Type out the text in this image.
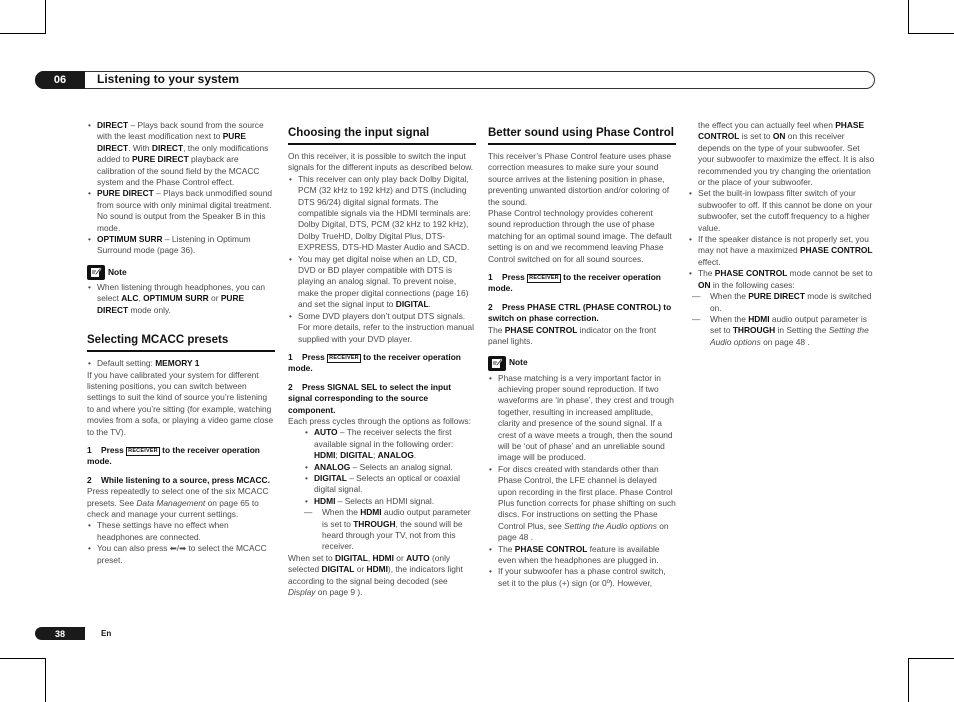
06	Listening to your system
• DIRECT – Plays back sound from the source with the least modification next to PURE DIRECT. With DIRECT, the only modifications added to PURE DIRECT playback are calibration of the sound field by the MCACC system and the Phase Control effect.
• PURE DIRECT – Plays back unmodified sound from source with only minimal digital treatment. No sound is output from the Speaker B in this mode.
• OPTIMUM SURR – Listening in Optimum Surround mode (page 36).
Note
• When listening through headphones, you can select ALC, OPTIMUM SURR or PURE DIRECT mode only.
Selecting MCACC presets
• Default setting: MEMORY 1

If you have calibrated your system for different listening positions, you can switch between settings to suit the kind of source you’re listening to and where you’re sitting (for example, watching movies from a sofa, or playing a video game close to the TV).

1 Press RECEIVER to the receiver operation mode.

2 While listening to a source, press MCACC.

Press repeatedly to select one of the six MCACC presets. See Data Management on page 65 to check and manage your current settings.

• These settings have no effect when headphones are connected.
• You can also press ⬅/➡ to select the MCACC preset.
Choosing the input signal

On this receiver, it is possible to switch the input signals for the different inputs as described below.

• This receiver can only play back Dolby Digital, PCM (32 kHz to 192 kHz) and DTS (including DTS 96/24) digital signal formats. The compatible signals via the HDMI terminals are: Dolby Digital, DTS, PCM (32 kHz to 192 kHz), Dolby TrueHD, Dolby Digital Plus, DTS-EXPRESS, DTS-HD Master Audio and SACD.
• You may get digital noise when an LD, CD, DVD or BD player compatible with DTS is playing an analog signal. To prevent noise, make the proper digital connections (page 16) and set the signal input to DIGITAL.
• Some DVD players don’t output DTS signals. For more details, refer to the instruction manual supplied with your DVD player.

1 Press RECEIVER to the receiver operation mode.

2 Press SIGNAL SEL to select the input signal corresponding to the source component.

Each press cycles through the options as follows:

• AUTO – The receiver selects the first available signal in the following order: HDMI; DIGITAL; ANALOG.
• ANALOG – Selects an analog signal.
• DIGITAL – Selects an optical or coaxial digital signal.
• HDMI – Selects an HDMI signal.
— When the HDMI audio output parameter is set to THROUGH, the sound will be heard through your TV, not from this receiver.

When set to DIGITAL, HDMI or AUTO (only selected DIGITAL or HDMI), the indicators light according to the signal being decoded (see Display on page 9 ).

Better sound using Phase Control

This receiver’s Phase Control feature uses phase correction measures to make sure your sound source arrives at the listening position in phase, preventing unwanted distortion and/or coloring of the sound.

Phase Control technology provides coherent sound reproduction through the use of phase matching for an optimal sound image. The default setting is on and we recommend leaving Phase Control switched on for all sound sources.

1 Press RECEIVER to the receiver operation mode.

2 Press PHASE CTRL (PHASE CONTROL) to switch on phase correction.

The PHASE CONTROL indicator on the front panel lights.

Note
• Phase matching is a very important factor in achieving proper sound reproduction. If two waveforms are ‘in phase’, they crest and trough together, resulting in increased amplitude, clarity and presence of the sound signal. If a crest of a wave meets a trough, then the sound will be ‘out of phase’ and an unreliable sound image will be produced.
• For discs created with standards other than Phase Control, the LFE channel is delayed upon recording in the first place. Phase Control Plus function corrects for phase shifting on such discs. For instructions on setting the Phase Control Plus, see Setting the Audio options on page 48 .
• The PHASE CONTROL feature is available even when the headphones are plugged in.
• If your subwoofer has a phase control switch, set it to the plus (+) sign (or 0º). However,

the effect you can actually feel when PHASE CONTROL is set to ON on this receiver depends on the type of your subwoofer. Set your subwoofer to maximize the effect. It is also recommended you try changing the orientation or the place of your subwoofer.

• Set the built-in lowpass filter switch of your subwoofer to off. If this cannot be done on your subwoofer, set the cutoff frequency to a higher value.
• If the speaker distance is not properly set, you may not have a maximized PHASE CONTROL effect.
• The PHASE CONTROL mode cannot be set to ON in the following cases:
— When the PURE DIRECT mode is switched on.
— When the HDMI audio output parameter is set to THROUGH in Setting the Setting the Audio options on page 48 .
38	En
